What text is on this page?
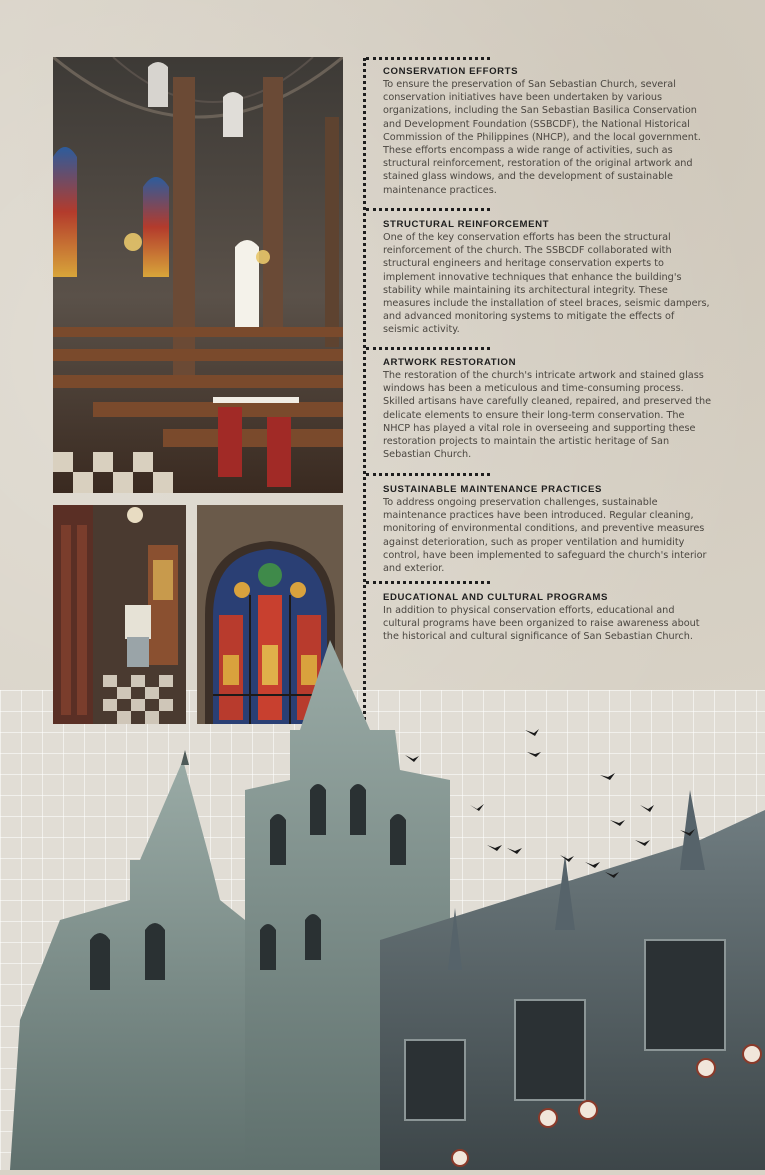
CONSERVATION EFFORTS

To ensure the preservation of San Sebastian Church, several conservation initiatives have been undertaken by various organizations, including the San Sebastian Basilica Conservation and Development Foundation (SSBCDF), the National Historical Commission of the Philippines (NHCP), and the local government. These efforts encompass a wide range of activities, such as structural reinforcement, restoration of the original artwork and stained glass windows, and the development of sustainable maintenance practices.

STRUCTURAL REINFORCEMENT

One of the key conservation efforts has been the structural reinforcement of the church. The SSBCDF collaborated with structural engineers and heritage conservation experts to implement innovative techniques that enhance the building's stability while maintaining its architectural integrity. These measures include the installation of steel braces, seismic dampers, and advanced monitoring systems to mitigate the effects of seismic activity.

ARTWORK RESTORATION

The restoration of the church's intricate artwork and stained glass windows has been a meticulous and time-consuming process. Skilled artisans have carefully cleaned, repaired, and preserved the delicate elements to ensure their long-term conservation. The NHCP has played a vital role in overseeing and supporting these restoration projects to maintain the artistic heritage of San Sebastian Church.

SUSTAINABLE MAINTENANCE PRACTICES

To address ongoing preservation challenges, sustainable maintenance practices have been introduced. Regular cleaning, monitoring of environmental conditions, and preventive measures against deterioration, such as proper ventilation and humidity control, have been implemented to safeguard the church's interior and exterior.

EDUCATIONAL AND CULTURAL PROGRAMS

In addition to physical conservation efforts, educational and cultural programs have been organized to raise awareness about the historical and cultural significance of San Sebastian Church.
